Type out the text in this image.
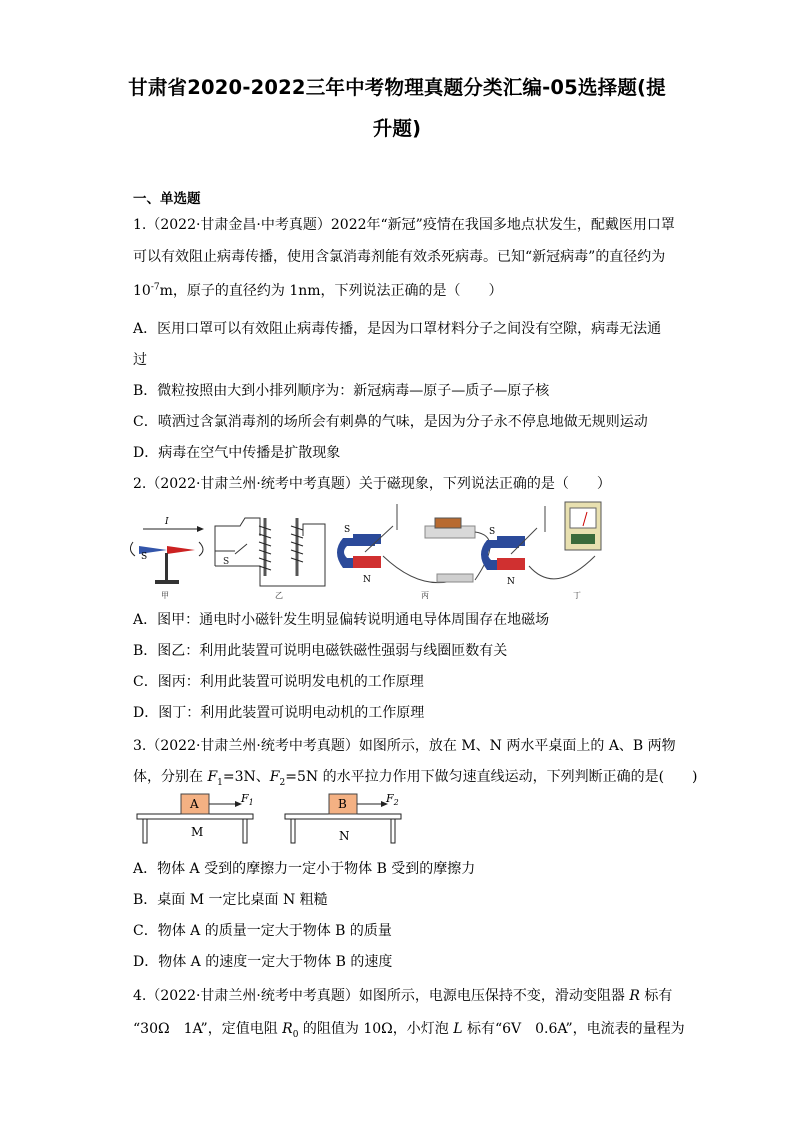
甘肃省2020-2022三年中考物理真题分类汇编-05选择题(提
升题)
一、单选题
1.（2022·甘肃金昌·中考真题）2022年“新冠”疫情在我国多地点状发生，配戴医用口罩
可以有效阻止病毒传播，使用含氯消毒剂能有效杀死病毒。已知“新冠病毒”的直径约为
$10^{-7}m$，原子的直径约为 1nm，下列说法正确的是（　　）
A．医用口罩可以有效阻止病毒传播，是因为口罩材料分子之间没有空隙，病毒无法通
过
B．微粒按照由大到小排列顺序为：新冠病毒—原子—质子—原子核
C．喷洒过含氯消毒剂的场所会有刺鼻的气味，是因为分子永不停息地做无规则运动
D．病毒在空气中传播是扩散现象
2.（2022·甘肃兰州·统考中考真题）关于磁现象，下列说法正确的是（　　）
I
S
甲
S
乙
S
N
丙
S
N
丁
A．图甲：通电时小磁针发生明显偏转说明通电导体周围存在地磁场
B．图乙：利用此装置可说明电磁铁磁性强弱与线圈匝数有关
C．图丙：利用此装置可说明发电机的工作原理
D．图丁：利用此装置可说明电动机的工作原理
3.（2022·甘肃兰州·统考中考真题）如图所示，放在 M、N 两水平桌面上的 A、B 两物
体，分别在 $F_1=3N$、$F_2=5N$ 的水平拉力作用下做匀速直线运动，下列判断正确的是(　　)
A	$F_1$
M
B	$F_2$
N
A．物体 A 受到的摩擦力一定小于物体 B 受到的摩擦力
B．桌面 M 一定比桌面 N 粗糙
C．物体 A 的质量一定大于物体 B 的质量
D．物体 A 的速度一定大于物体 B 的速度
4.（2022·甘肃兰州·统考中考真题）如图所示，电源电压保持不变，滑动变阻器 R 标有
“30Ω　1A”，定值电阻 $R_0$ 的阻值为 10Ω，小灯泡 L 标有“6V　0.6A”，电流表的量程为
